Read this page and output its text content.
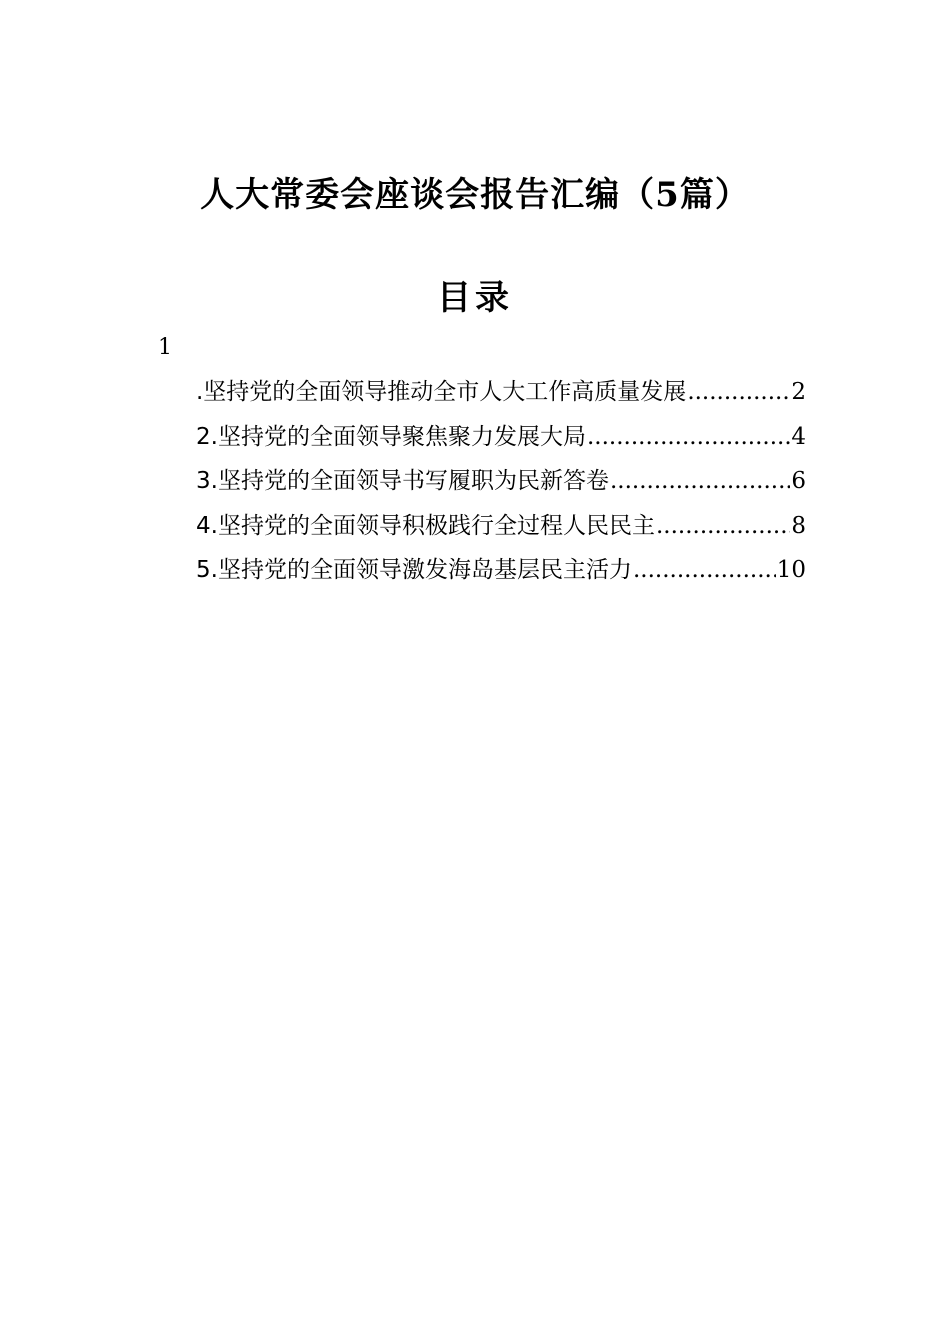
人大常委会座谈会报告汇编（5篇）
目录
1
.坚持党的全面领导推动全市人大工作高质量发展 .....	2
2.坚持党的全面领导聚焦聚力发展大局 .....	4
3.坚持党的全面领导书写履职为民新答卷 .....	6
4.坚持党的全面领导积极践行全过程人民民主 .....	8
5.坚持党的全面领导激发海岛基层民主活力 .....	10
